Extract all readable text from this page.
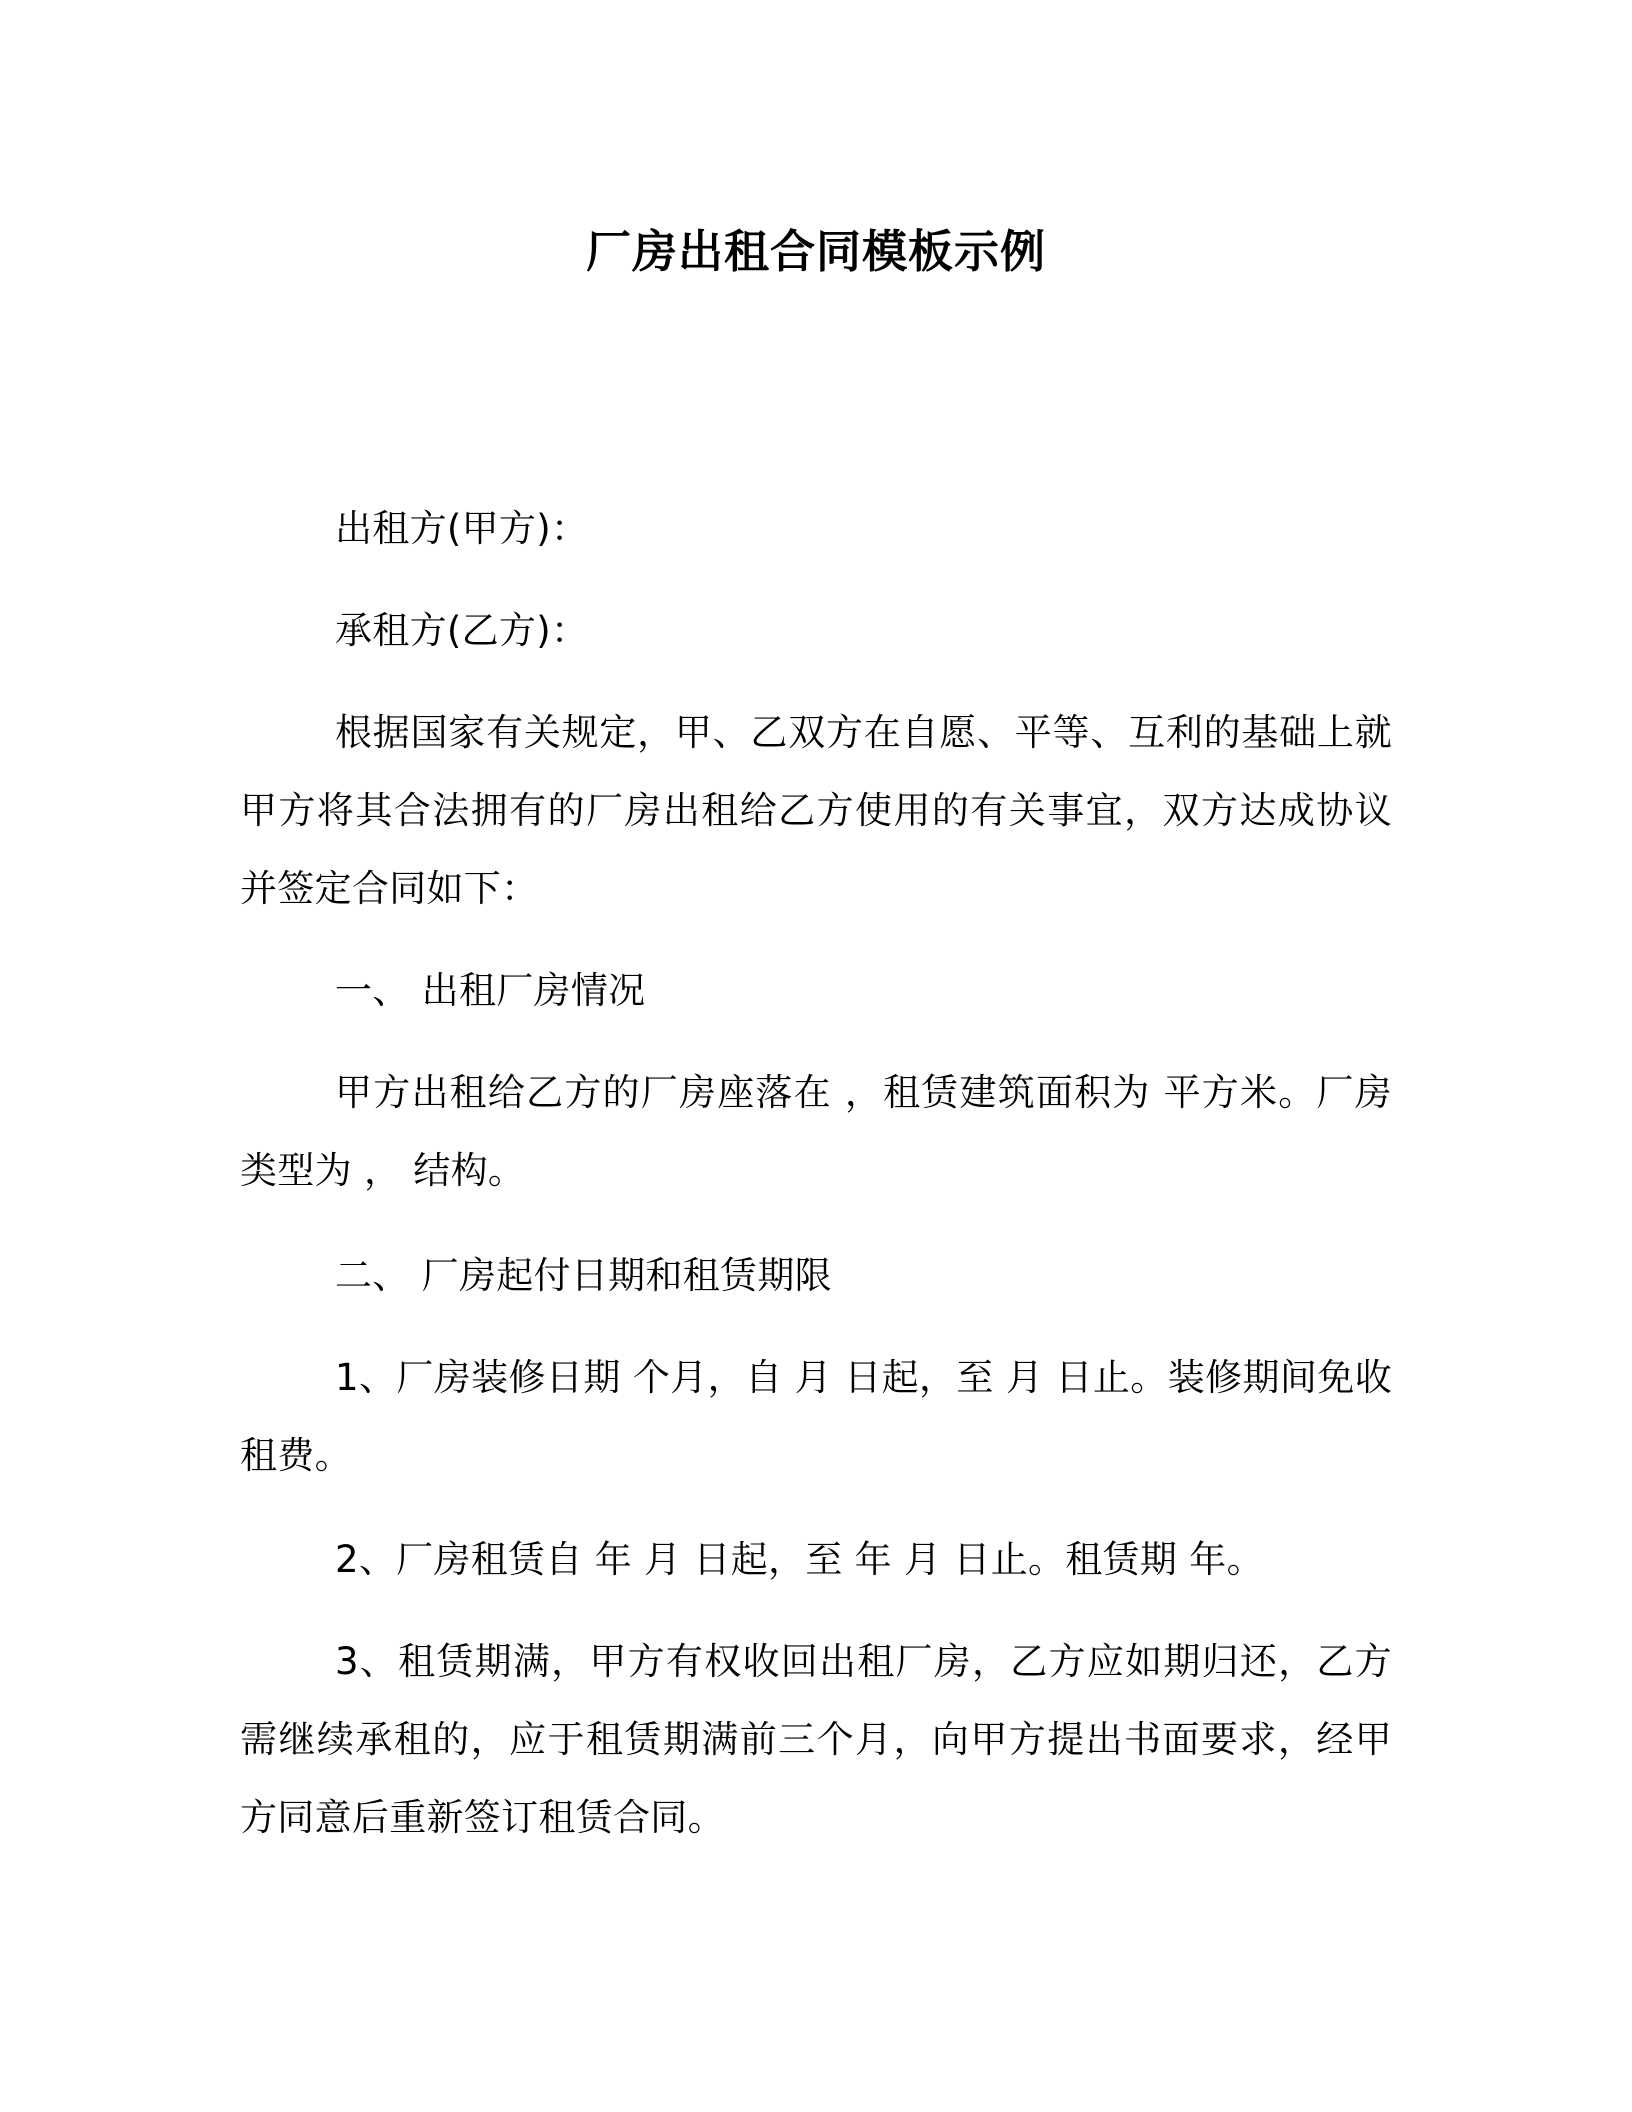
厂房出租合同模板示例

出租方(甲方)：

承租方(乙方)：

根据国家有关规定，甲、乙双方在自愿、平等、互利的基础上就甲方将其合法拥有的厂房出租给乙方使用的有关事宜，双方达成协议并签定合同如下：

一、 出租厂房情况

甲方出租给乙方的厂房座落在 ，租赁建筑面积为 平方米。厂房类型为 ， 结构。

二、 厂房起付日期和租赁期限

1、厂房装修日期 个月，自 月 日起，至 月 日止。装修期间免收租费。

2、厂房租赁自 年 月 日起，至 年 月 日止。租赁期 年。

3、租赁期满，甲方有权收回出租厂房，乙方应如期归还，乙方需继续承租的，应于租赁期满前三个月，向甲方提出书面要求，经甲方同意后重新签订租赁合同。
